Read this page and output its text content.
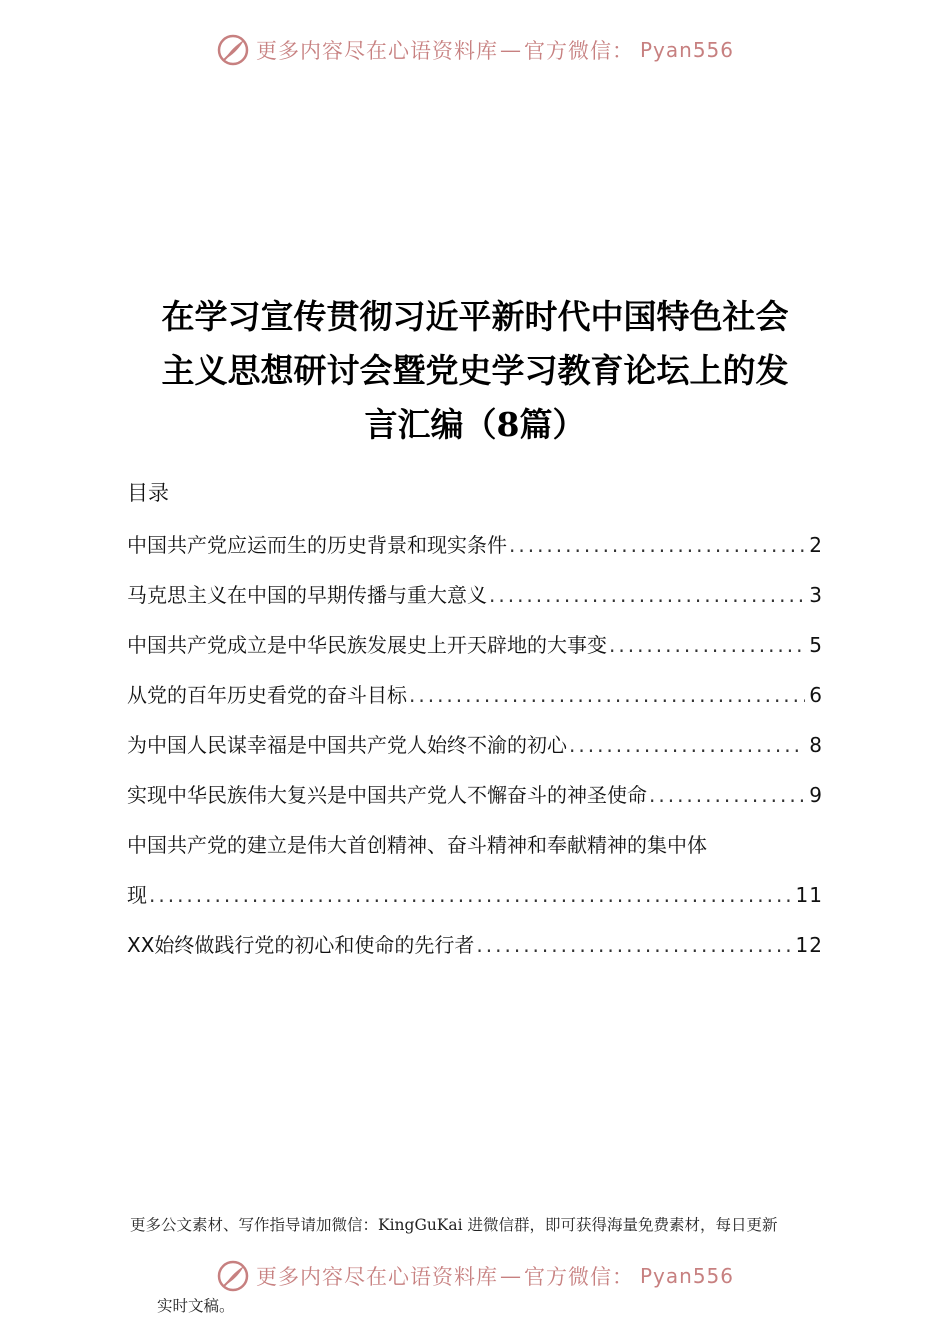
更多内容尽在心语资料库 — 官方微信： Pyan556
在学习宣传贯彻习近平新时代中国特色社会
主义思想研讨会暨党史学习教育论坛上的发
言汇编（8篇）
目录
中国共产党应运而生的历史背景和现实条件 .....	2
马克思主义在中国的早期传播与重大意义 .....	3
中国共产党成立是中华民族发展史上开天辟地的大事变 .....	5
从党的百年历史看党的奋斗目标 .....	6
为中国人民谋幸福是中国共产党人始终不渝的初心 .....	8
实现中华民族伟大复兴是中国共产党人不懈奋斗的神圣使命 .....	9
中国共产党的建立是伟大首创精神、奋斗精神和奉献精神的集中体
现 .....	11
XX始终做践行党的初心和使命的先行者 .....	12
更多公文素材、写作指导请加微信：KingGuKai 进微信群，即可获得海量免费素材，每日更新
更多内容尽在心语资料库 — 官方微信： Pyan556
实时文稿。
